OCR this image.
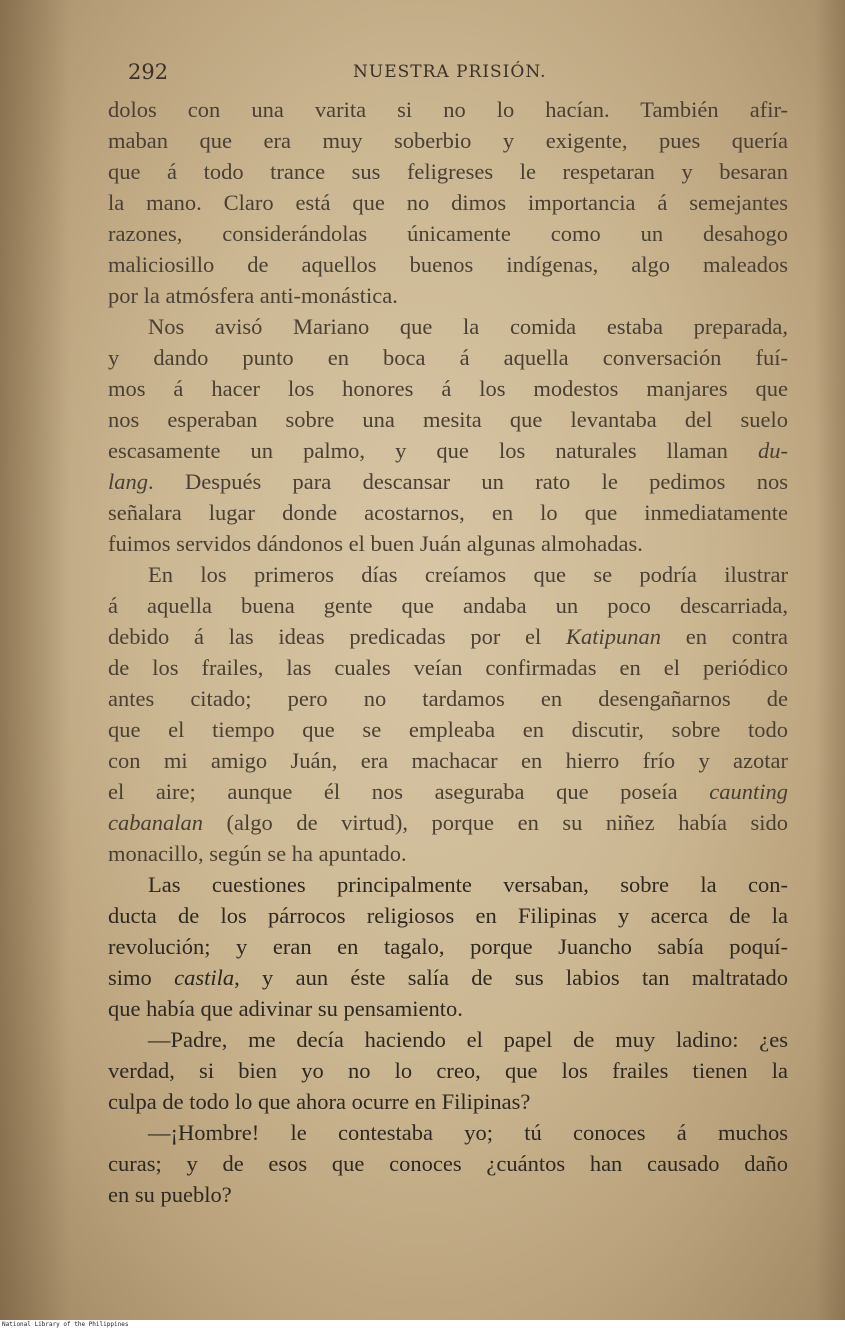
292	NUESTRA PRISIÓN.
dolos con una varita si no lo hacían. También afir-
maban que era muy soberbio y exigente, pues quería
que á todo trance sus feligreses le respetaran y besaran
la mano. Claro está que no dimos importancia á semejantes
razones, considerándolas únicamente como un desahogo
maliciosillo de aquellos buenos indígenas, algo maleados
por la atmósfera anti-monástica.
Nos avisó Mariano que la comida estaba preparada,
y dando punto en boca á aquella conversación fuí-
mos á hacer los honores á los modestos manjares que
nos esperaban sobre una mesita que levantaba del suelo
escasamente un palmo, y que los naturales llaman du-
lang. Después para descansar un rato le pedimos nos
señalara lugar donde acostarnos, en lo que inmediatamente
fuimos servidos dándonos el buen Juán algunas almohadas.
En los primeros días creíamos que se podría ilustrar
á aquella buena gente que andaba un poco descarriada,
debido á las ideas predicadas por el Katipunan en contra
de los frailes, las cuales veían confirmadas en el periódico
antes citado; pero no tardamos en desengañarnos de
que el tiempo que se empleaba en discutir, sobre todo
con mi amigo Juán, era machacar en hierro frío y azotar
el aire; aunque él nos aseguraba que poseía caunting
cabanalan (algo de virtud), porque en su niñez había sido
monacillo, según se ha apuntado.
Las cuestiones principalmente versaban, sobre la con-
ducta de los párrocos religiosos en Filipinas y acerca de la
revolución; y eran en tagalo, porque Juancho sabía poquí-
simo castila, y aun éste salía de sus labios tan maltratado
que había que adivinar su pensamiento.
—Padre, me decía haciendo el papel de muy ladino: ¿es
verdad, si bien yo no lo creo, que los frailes tienen la
culpa de todo lo que ahora ocurre en Filipinas?
—¡Hombre! le contestaba yo; tú conoces á muchos
curas; y de esos que conoces ¿cuántos han causado daño
en su pueblo?
National Library of the Philippines
